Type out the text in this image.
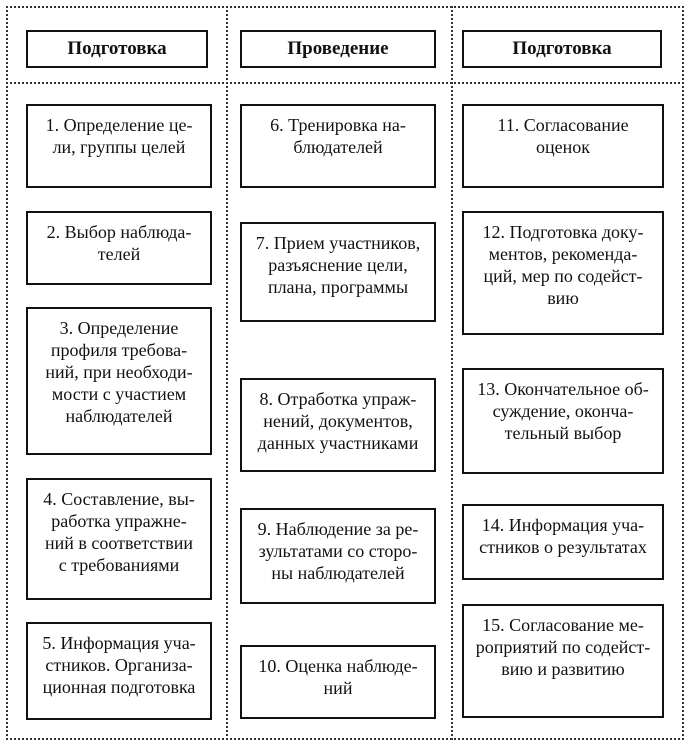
Подготовка
1. Определение це-
ли, группы целей
2. Выбор наблюда-
телей
3. Определение
профиля требова-
ний, при необходи-
мости с участием
наблюдателей
4. Составление, вы-
работка упражне-
ний в соответствии
с требованиями
5. Информация уча-
стников. Организа-
ционная подготовка
Проведение
6. Тренировка на-
блюдателей
7. Прием участников,
разъяснение цели,
плана, программы
8. Отработка упраж-
нений, документов,
данных участниками
9. Наблюдение за ре-
зультатами со сторо-
ны наблюдателей
10. Оценка наблюде-
ний
Подготовка
11. Согласование
оценок
12. Подготовка доку-
ментов, рекоменда-
ций, мер по содейст-
вию
13. Окончательное об-
суждение, оконча-
тельный выбор
14. Информация уча-
стников о результатах
15. Согласование ме-
роприятий по содейст-
вию и развитию
